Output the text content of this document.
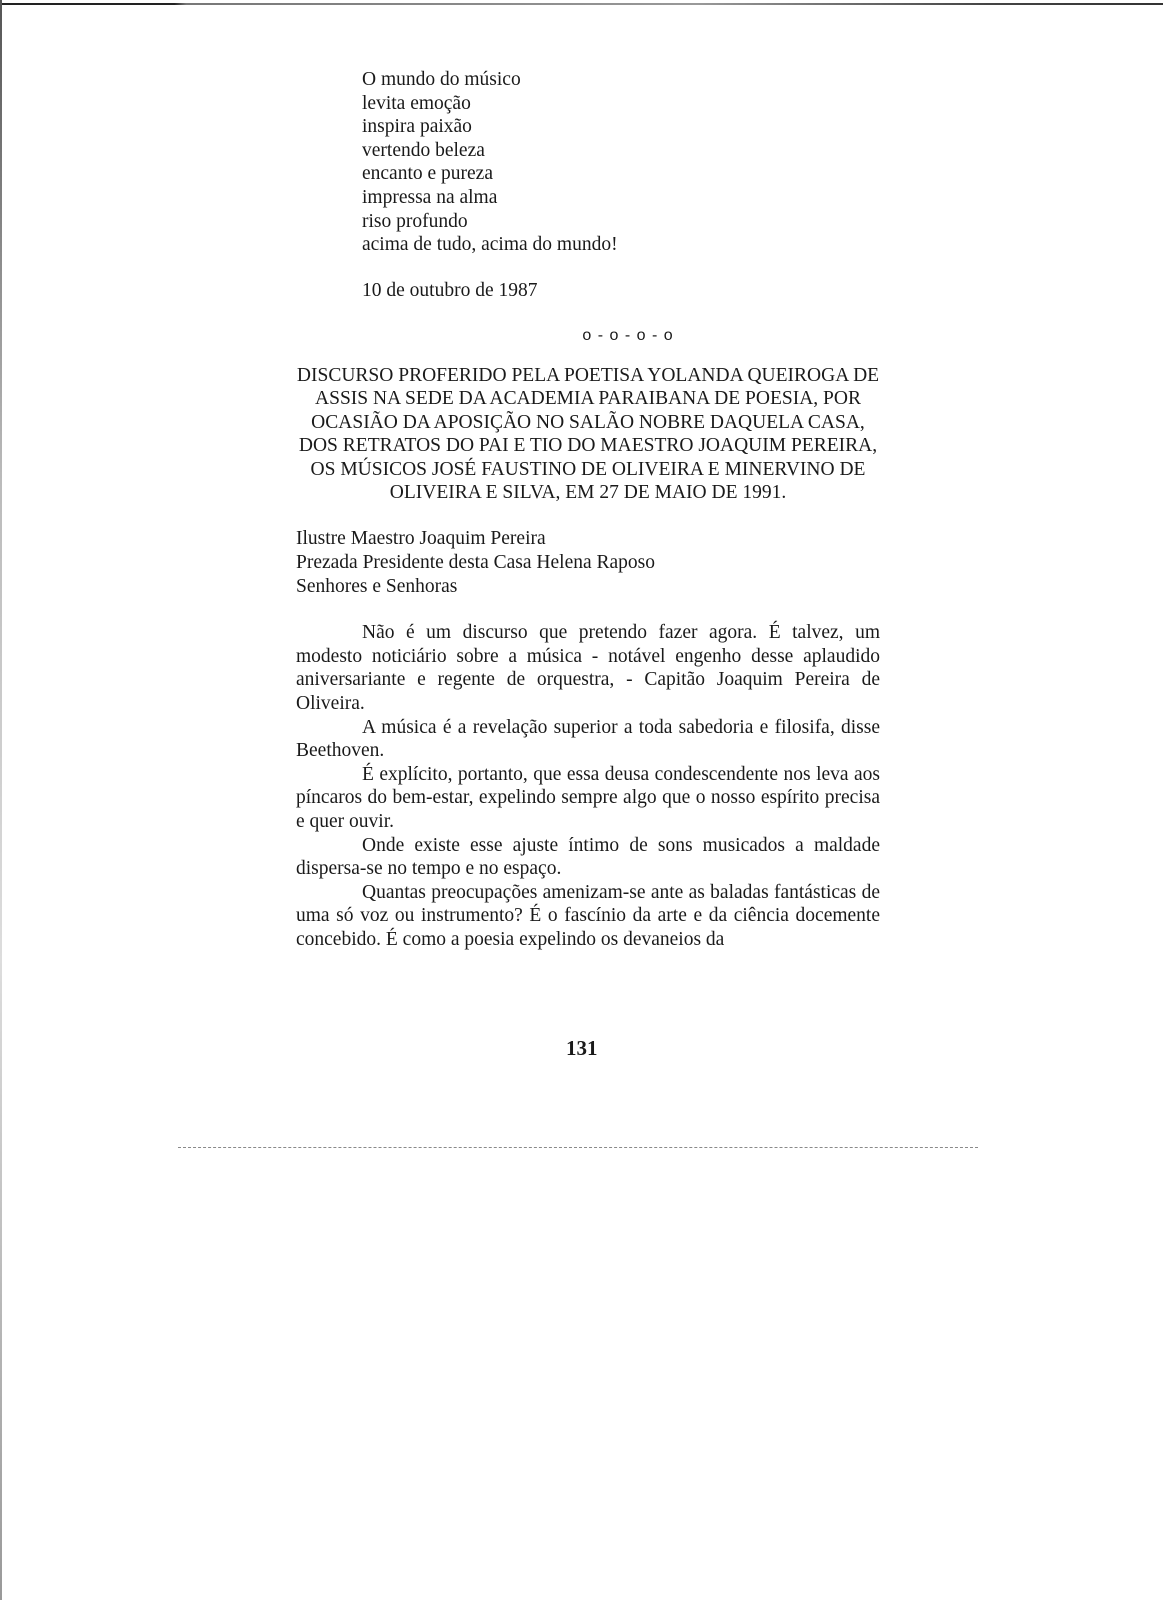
O mundo do músico
levita emoção
inspira paixão
vertendo beleza
encanto e pureza
impressa na alma
riso profundo
acima de tudo, acima do mundo!
10 de outubro de 1987
o - o - o - o
DISCURSO PROFERIDO PELA POETISA YOLANDA QUEIROGA DE ASSIS NA SEDE DA ACADEMIA PARAIBANA DE POESIA, POR OCASIÃO DA APOSIÇÃO NO SALÃO NOBRE DAQUELA CASA, DOS RETRATOS DO PAI E TIO DO MAESTRO JOAQUIM PEREIRA, OS MÚSICOS JOSÉ FAUSTINO DE OLIVEIRA E MINERVINO DE OLIVEIRA E SILVA, EM 27 DE MAIO DE 1991.
Ilustre Maestro Joaquim Pereira
Prezada Presidente desta Casa Helena Raposo
Senhores e Senhoras

Não é um discurso que pretendo fazer agora. É talvez, um modesto noticiário sobre a música - notável engenho desse aplaudido aniversariante e regente de orquestra, - Capitão Joaquim Pereira de Oliveira.

A música é a revelação superior a toda sabedoria e filosifa, disse Beethoven.

É explícito, portanto, que essa deusa condescendente nos leva aos píncaros do bem-estar, expelindo sempre algo que o nosso espírito precisa e quer ouvir.

Onde existe esse ajuste íntimo de sons musicados a maldade dispersa-se no tempo e no espaço.

Quantas preocupações amenizam-se ante as baladas fantásticas de uma só voz ou instrumento? É o fascínio da arte e da ciência docemente concebido. É como a poesia expelindo os devaneios da

131
